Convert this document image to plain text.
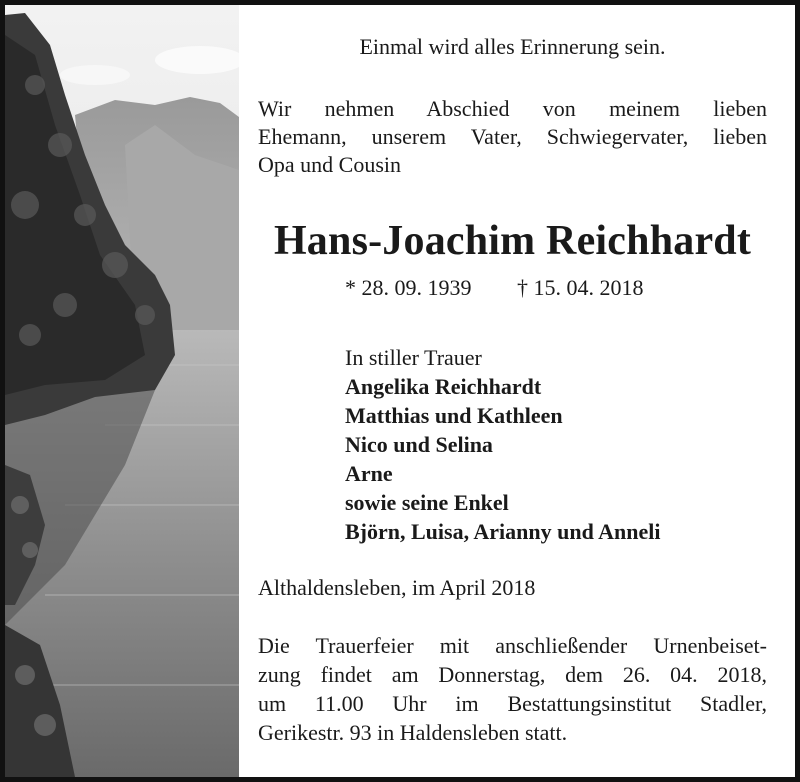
Einmal wird alles Erinnerung sein.

Wir nehmen Abschied von meinem lieben
Ehemann, unserem Vater, Schwiegervater, lieben
Opa und Cousin

Hans-Joachim Reichhardt
* 28. 09. 1939 † 15. 04. 2018
In stiller Trauer
Angelika Reichhardt
Matthias und Kathleen
Nico und Selina
Arne
sowie seine Enkel
Björn, Luisa, Arianny und Anneli
Althaldensleben, im April 2018

Die Trauerfeier mit anschließender Urnenbeiset-
zung findet am Donnerstag, dem 26. 04. 2018,
um 11.00 Uhr im Bestattungsinstitut Stadler,
Gerikestr. 93 in Haldensleben statt.
